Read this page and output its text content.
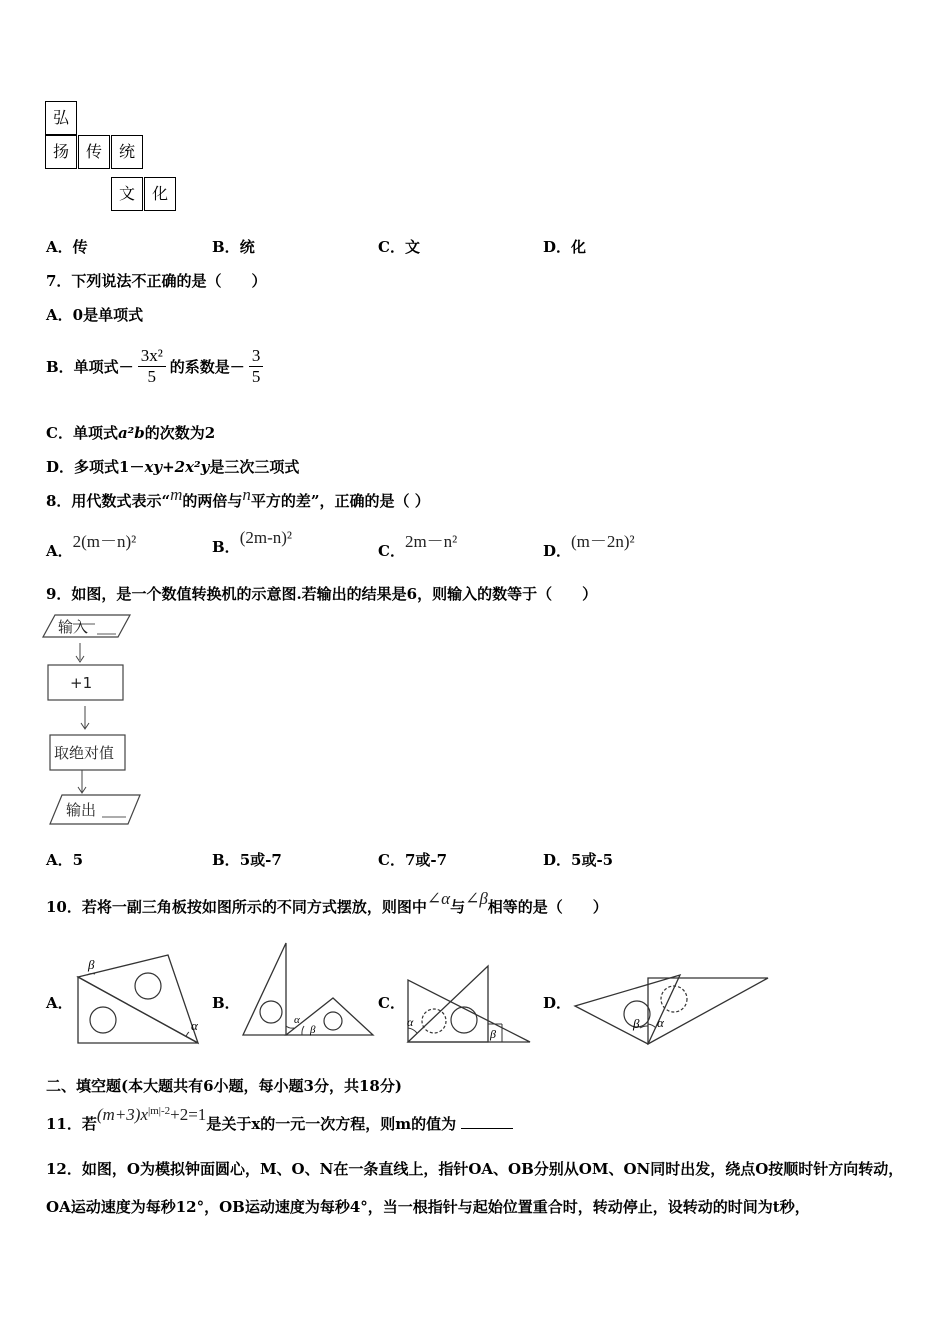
弘
扬	传	统
文	化
A．传	B．统	C．文	D．化
7．下列说法不正确的是（　　）
A．0是单项式
B．单项式－ $\frac{\text{3x²}}{5}$ 的系数是－ $\frac{3}{5}$
C．单项式a²b的次数为2
D．多项式1－xy+2x²y是三次三项式
8．用代数式表示“m的两倍与n平方的差”，正确的是（ ）
A．2(m－n)²	B．(2m-n)²
C．2m－n²	D．(m－2n)²
9．如图，是一个数值转换机的示意图.若输出的结果是6，则输入的数等于（　　）
输入
+1
取绝对值
输出
A．5	B．5或-7	C．7或-7	D．5或-5
10．若将一副三角板按如图所示的不同方式摆放，则图中∠α与∠β相等的是（　　）
A．	B．	C．	D．
β
α	α
β
α
β
β α
二、填空题(本大题共有6小题，每小题3分，共18分)
11．若$(m+3)x^{|m|-2}+2=1$是关于x的一元一次方程，则m的值为
12．如图，O为模拟钟面圆心，M、O、N在一条直线上，指针OA、OB分别从OM、ON同时出发，绕点O按顺时针方向转动，
OA运动速度为每秒12°，OB运动速度为每秒4°，当一根指针与起始位置重合时，转动停止，设转动的时间为t秒，
